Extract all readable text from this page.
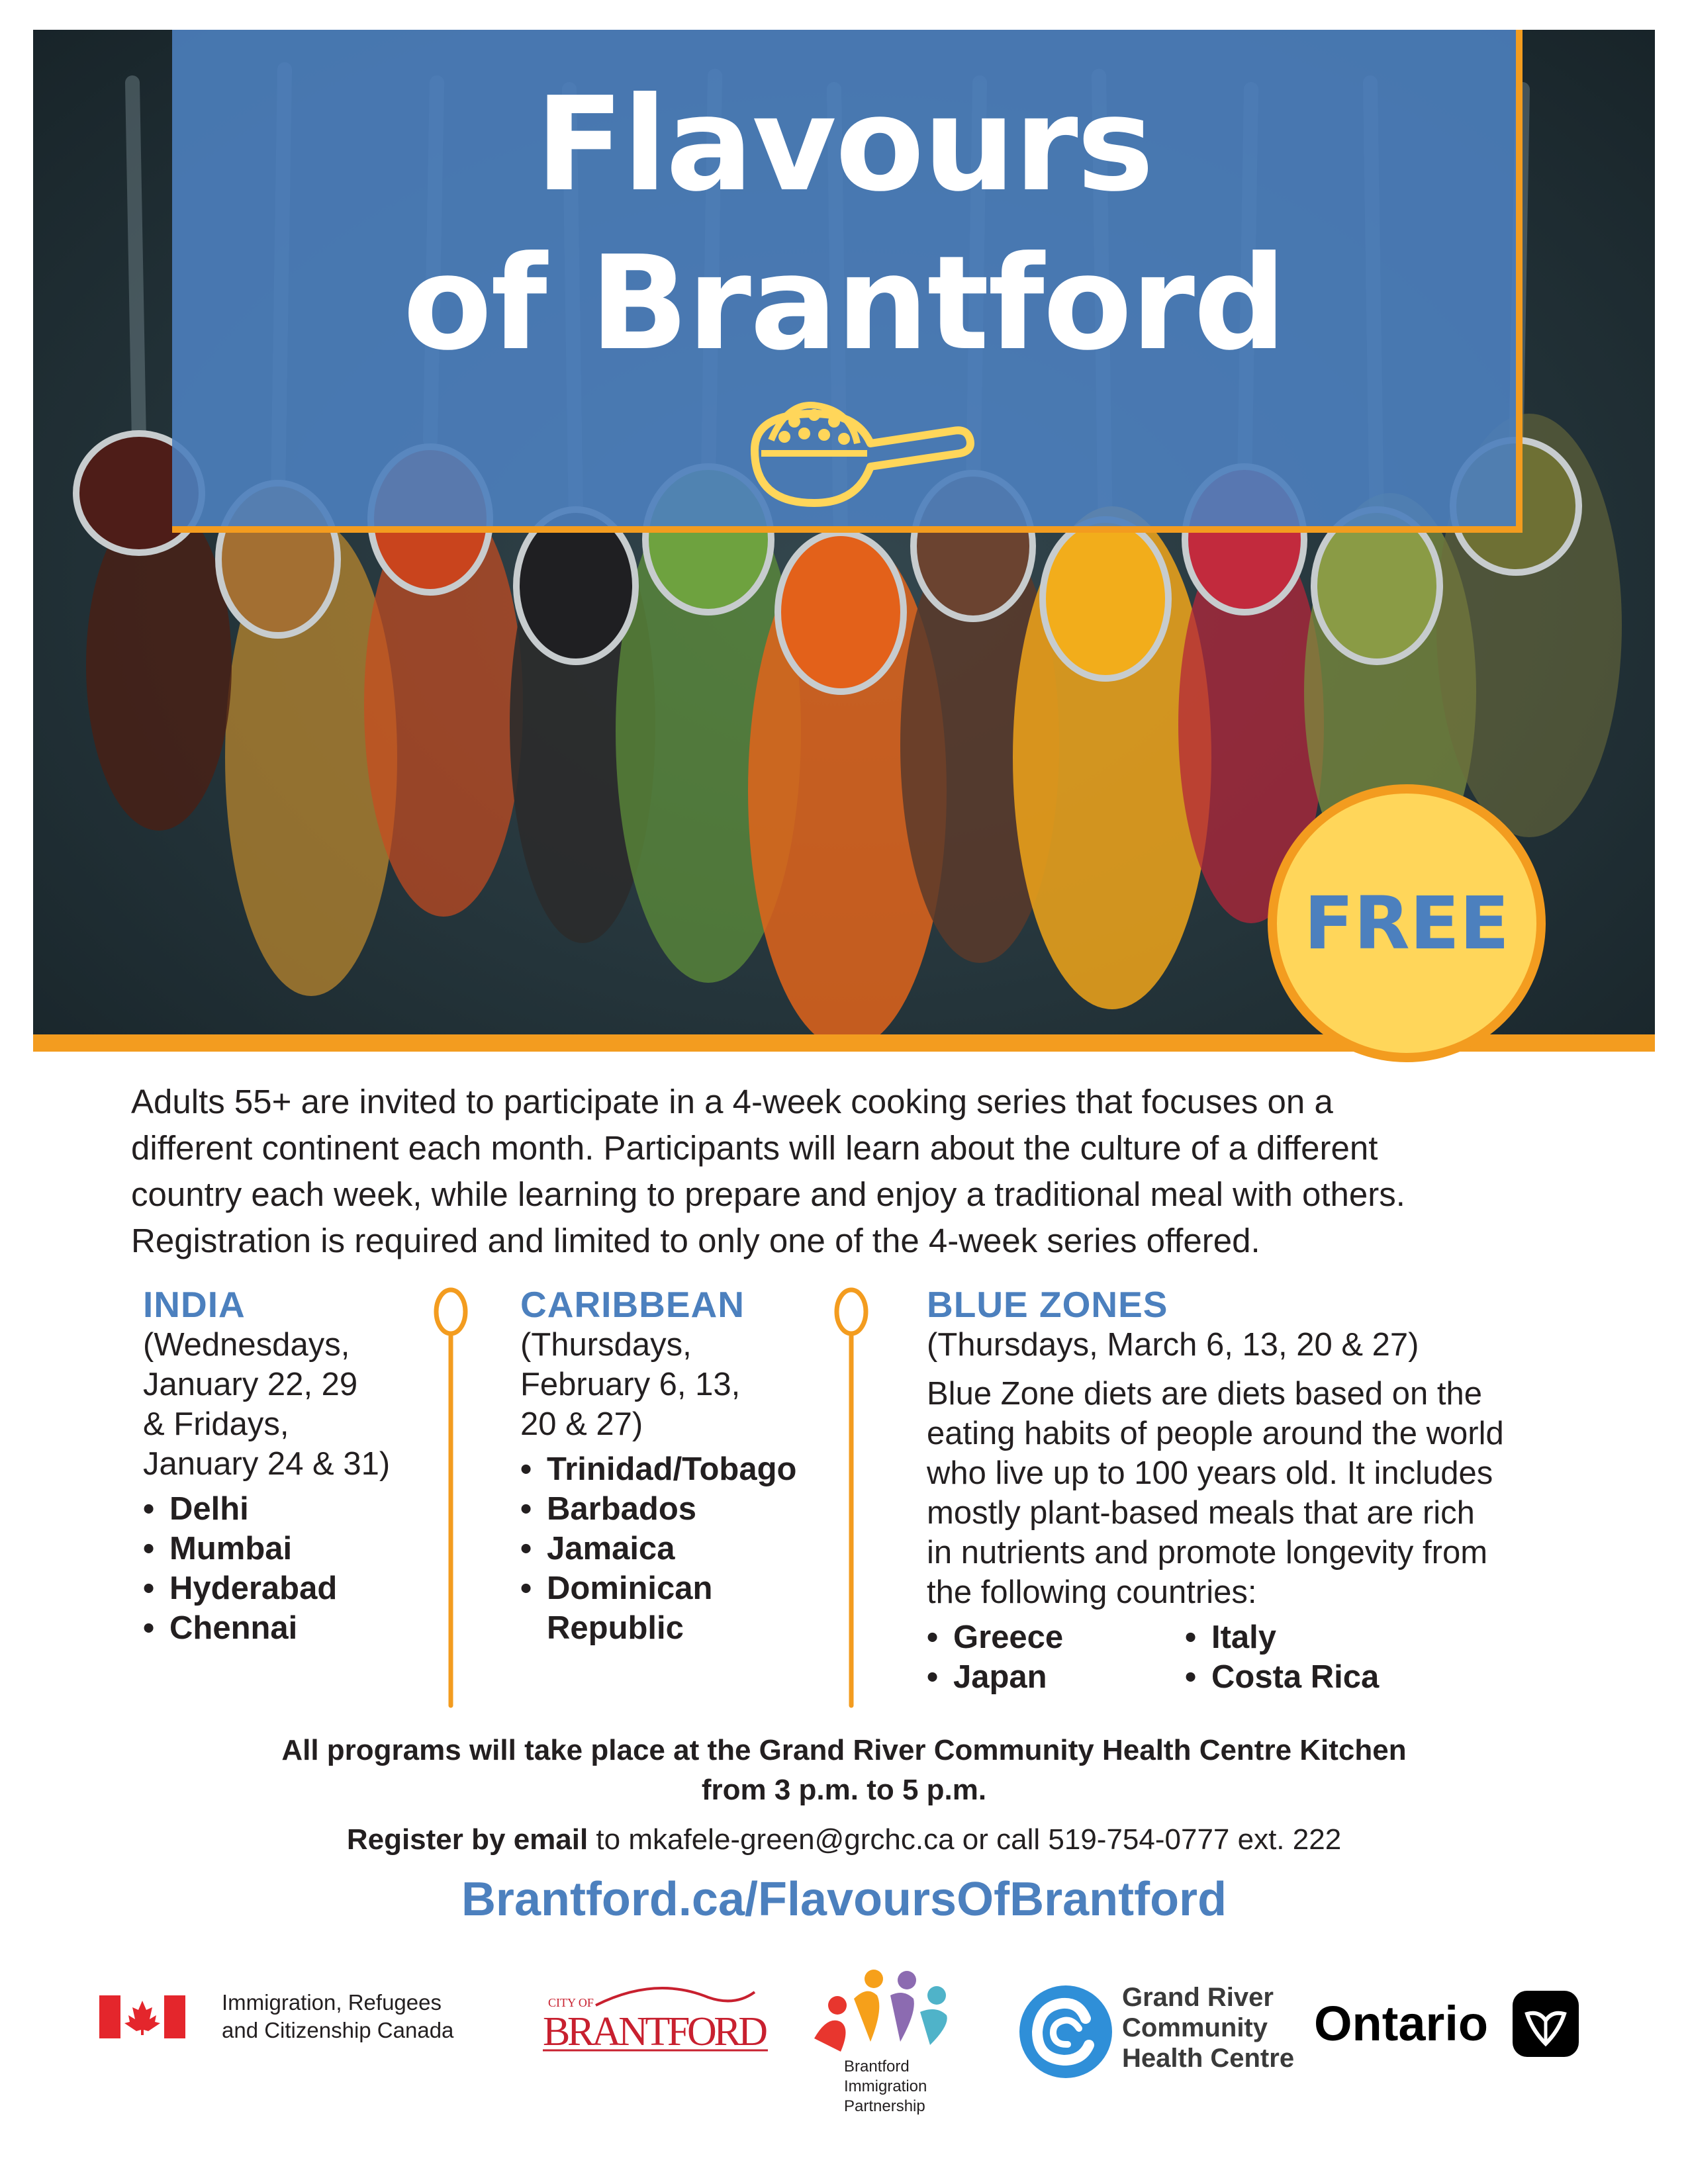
Flavours
of Brantford
FREE

Adults 55+ are invited to participate in a 4-week cooking series that focuses on a

different continent each month. Participants will learn about the culture of a different

country each week, while learning to prepare and enjoy a traditional meal with others.

Registration is required and limited to only one of the 4-week series offered.

INDIA

(Wednesdays,
January 22, 29
& Fridays,
January 24 & 31)

• Delhi
• Mumbai
• Hyderabad
• Chennai
CARIBBEAN

(Thursdays,
February 6, 13,
20 & 27)

• Trinidad/Tobago
• Barbados
• Jamaica
• Dominican Republic
BLUE ZONES

(Thursdays, March 6, 13, 20 & 27)

Blue Zone diets are diets based on the
eating habits of people around the world
who live up to 100 years old. It includes
mostly plant-based meals that are rich
in nutrients and promote longevity from
the following countries:

• Greece
• Japan
• Italy
• Costa Rica

All programs will take place at the Grand River Community Health Centre Kitchen

from 3 p.m. to 5 p.m.

Register by email to mkafele-green@grchc.ca or call 519-754-0777 ext. 222
Brantford.ca/FlavoursOfBrantford
Immigration, Refugees
and Citizenship Canada
CITY OF
BRANTFORD
Brantford
Immigration
Partnership
Grand River
Community
Health Centre
Ontario
